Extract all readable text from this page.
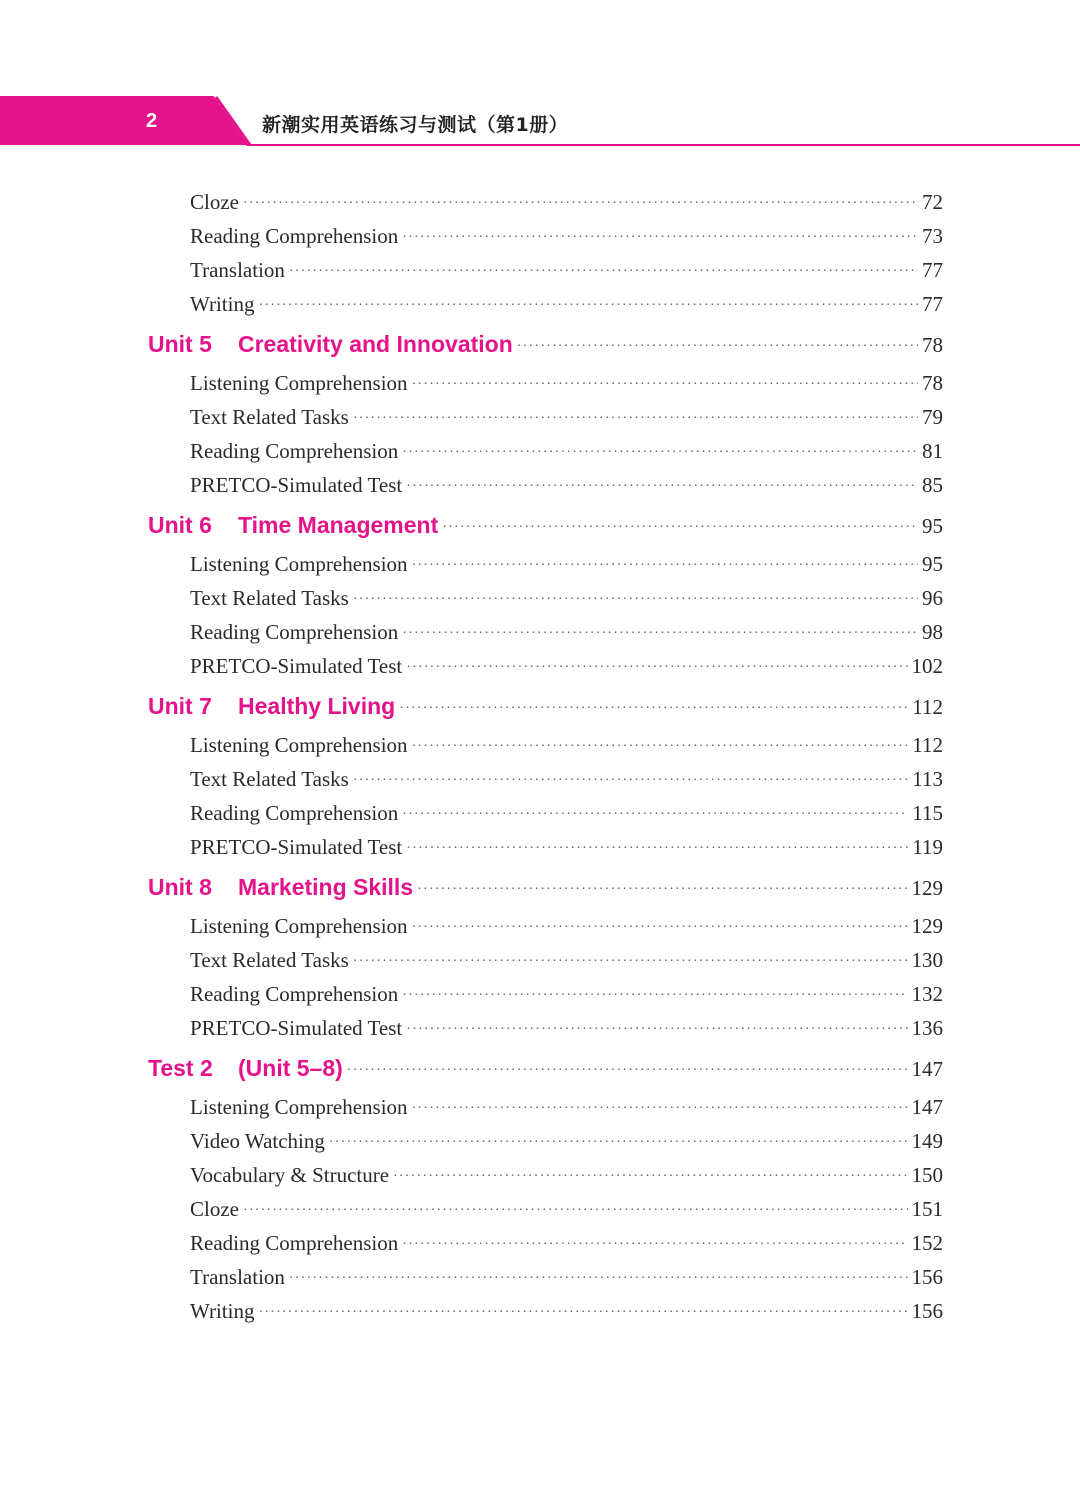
2	新潮实用英语练习与测试（第1册）
Cloze ·····	72
Reading Comprehension ·····	73
Translation ·····	77
Writing ·····	77
Unit 5	Creativity and Innovation ·····	78
Listening Comprehension ·····	78
Text Related Tasks ·····	79
Reading Comprehension ·····	81
PRETCO-Simulated Test ·····	85
Unit 6	Time Management ·····	95
Listening Comprehension ·····	95
Text Related Tasks ·····	96
Reading Comprehension ·····	98
PRETCO-Simulated Test ·····	102
Unit 7	Healthy Living ·····	112
Listening Comprehension ·····	112
Text Related Tasks ·····	113
Reading Comprehension ·····	115
PRETCO-Simulated Test ·····	119
Unit 8	Marketing Skills ·····	129
Listening Comprehension ·····	129
Text Related Tasks ·····	130
Reading Comprehension ·····	132
PRETCO-Simulated Test ·····	136
Test 2	(Unit 5–8) ·····	147
Listening Comprehension ·····	147
Video Watching ·····	149
Vocabulary & Structure ·····	150
Cloze ·····	151
Reading Comprehension ·····	152
Translation ·····	156
Writing ·····	156
